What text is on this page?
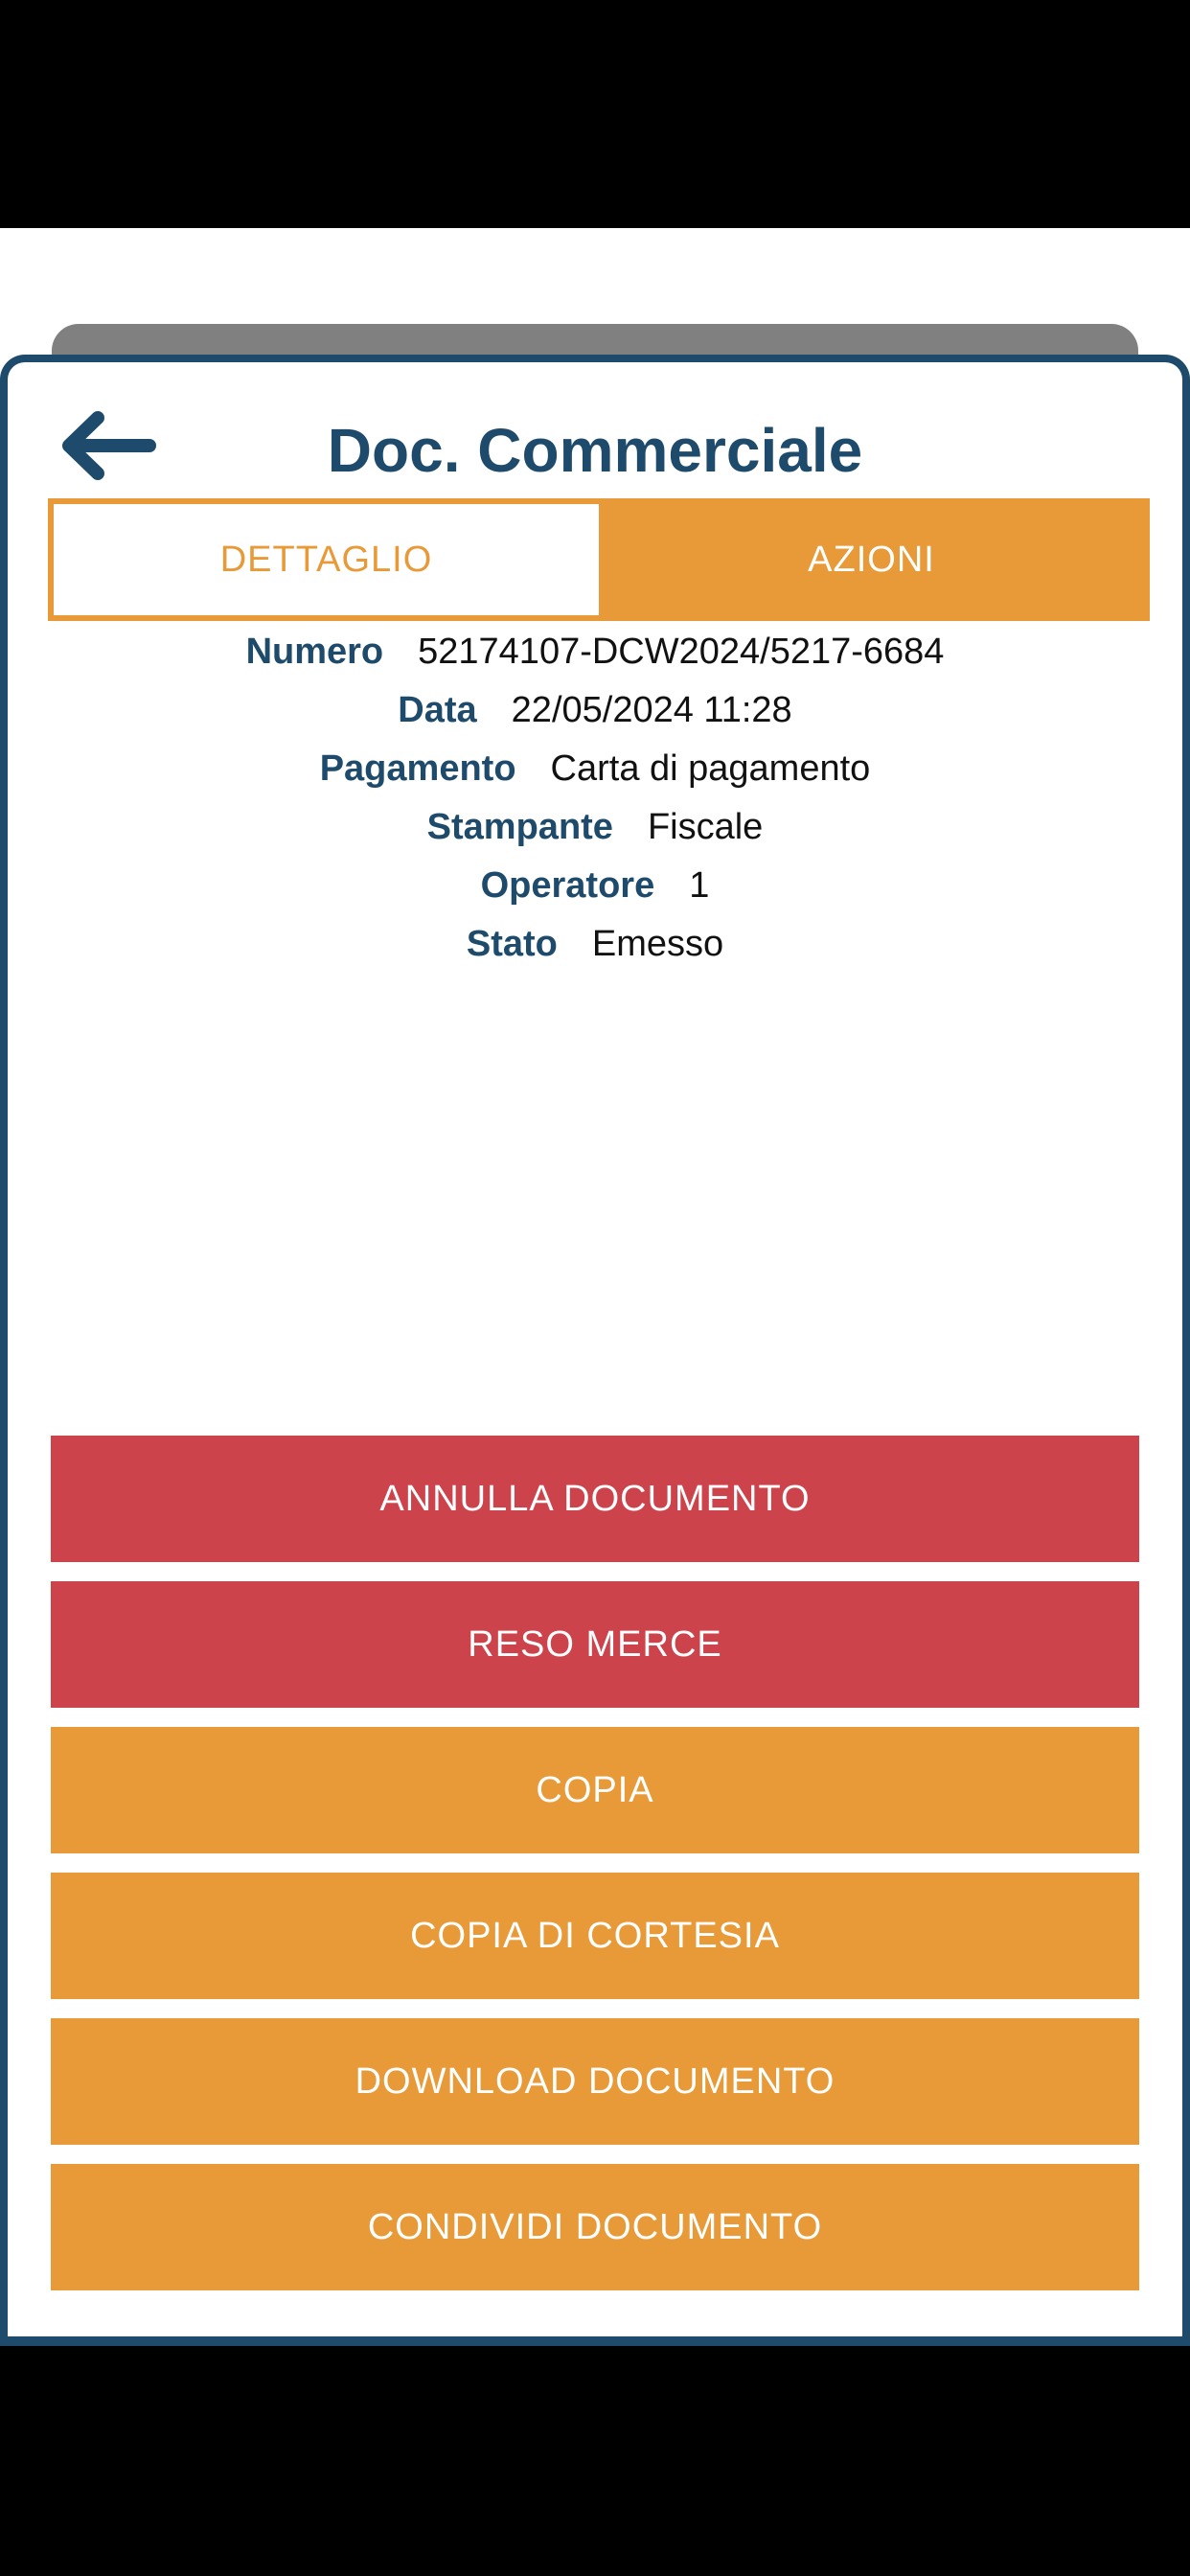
Doc. Commerciale
DETTAGLIO	AZIONI
Numero 52174107-DCW2024/5217-6684
Data 22/05/2024 11:28
Pagamento Carta di pagamento
Stampante Fiscale
Operatore 1
Stato Emesso
ANNULLA DOCUMENTO
RESO MERCE
COPIA
COPIA DI CORTESIA
DOWNLOAD DOCUMENTO
CONDIVIDI DOCUMENTO
